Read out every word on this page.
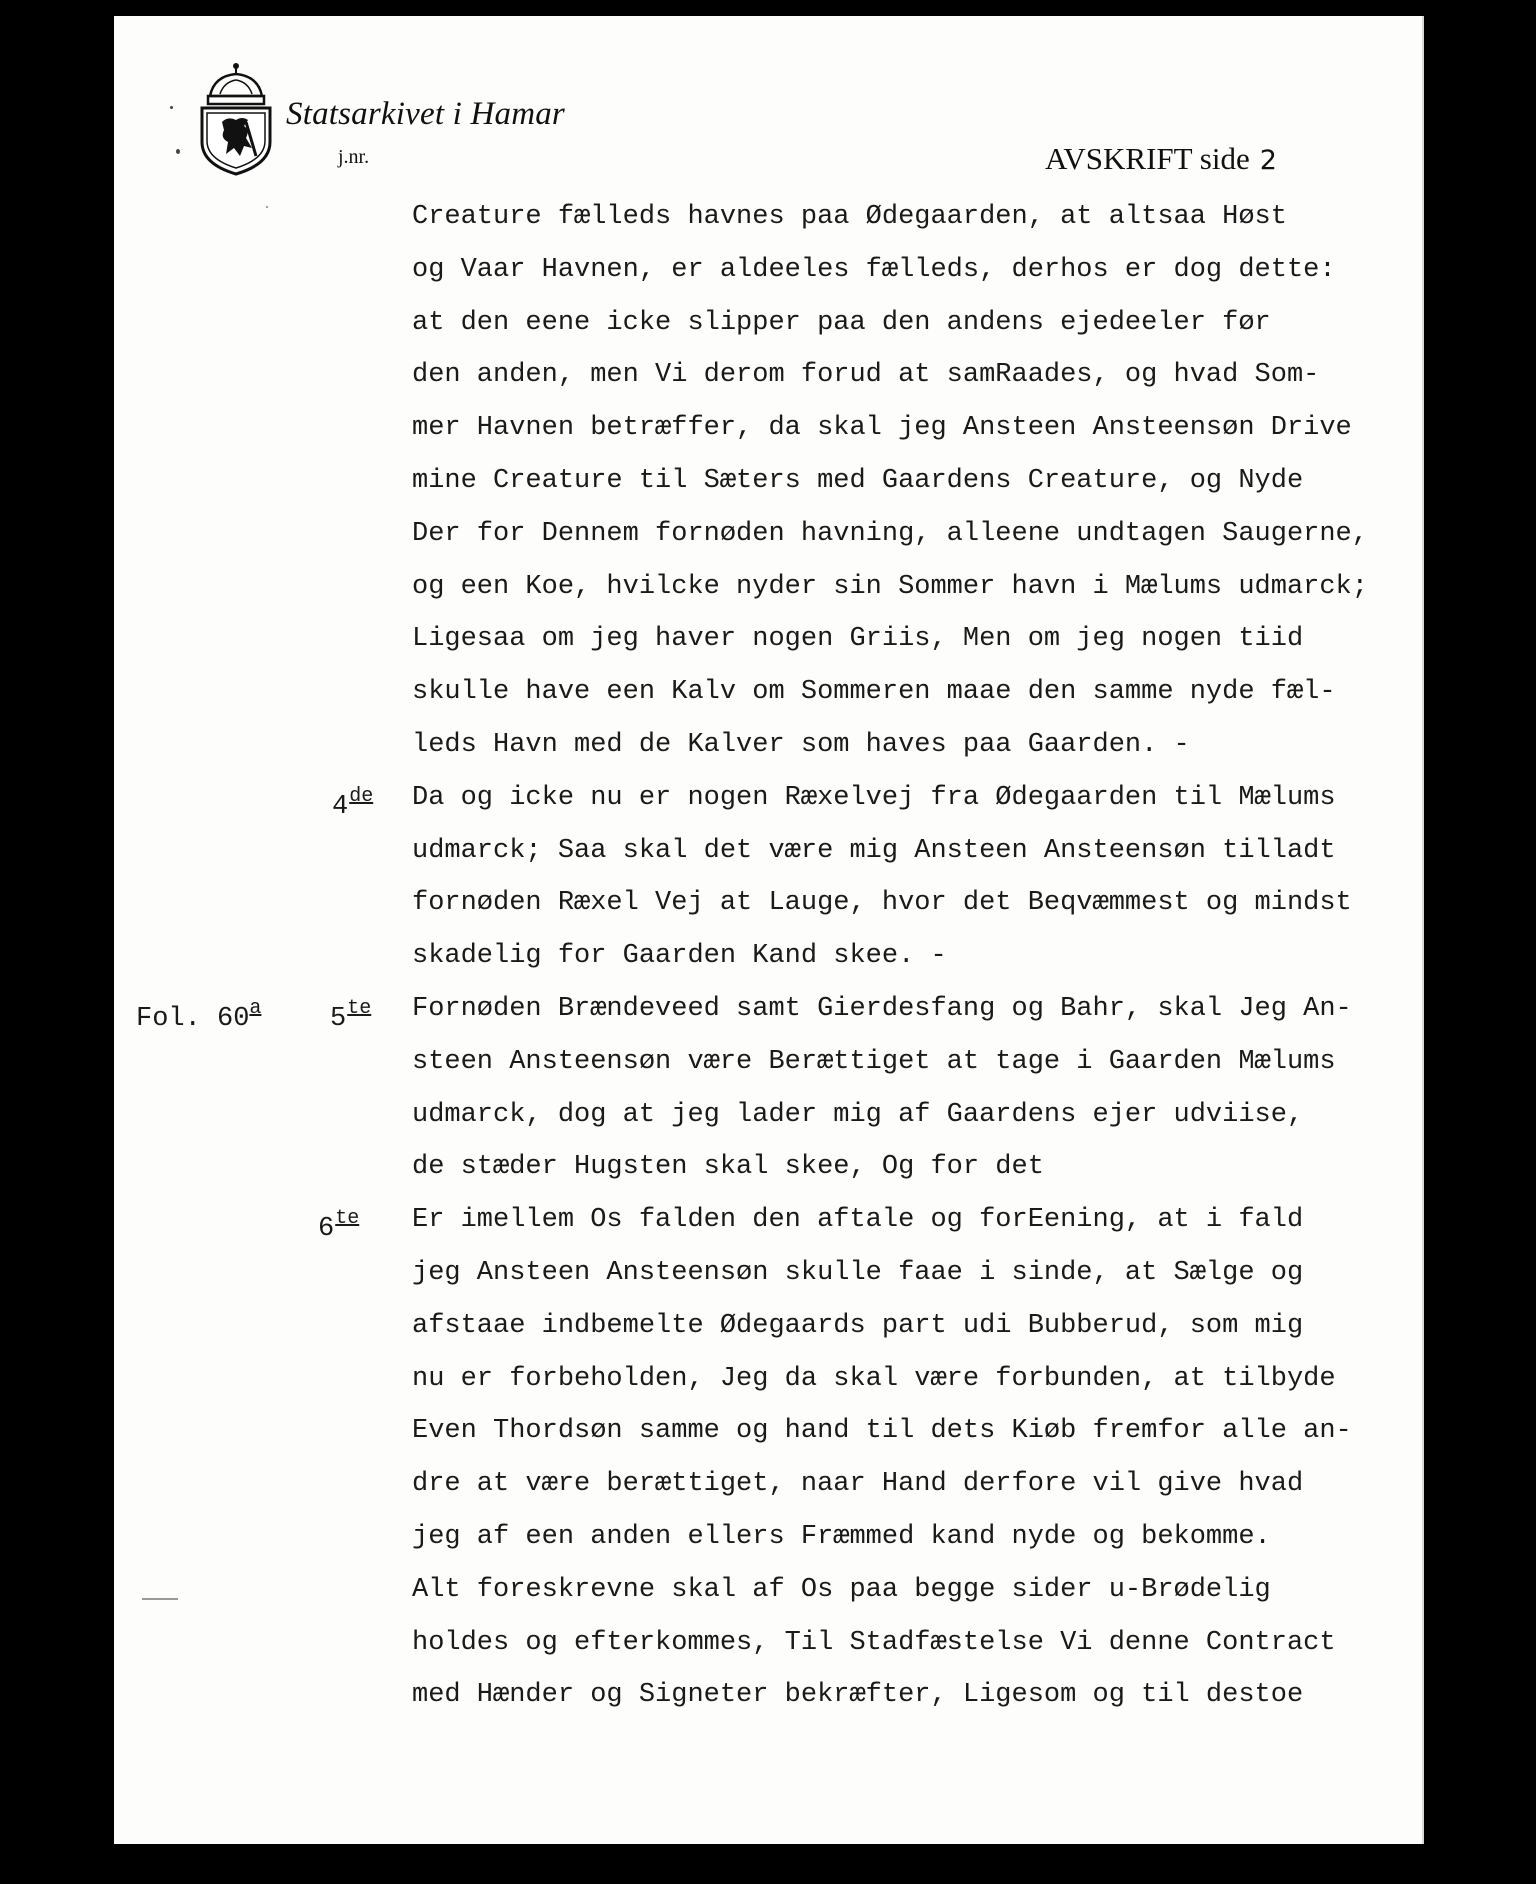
Statsarkivet i Hamar
j.nr.	AVSKRIFT side 2
Fol. 60$^a$
4de
$5^{te}$
$6^{te}$
Creature fælleds havnes paa Ødegaarden, at altsaa Høst
og Vaar Havnen, er aldeeles fælleds, derhos er dog dette:
at den eene icke slipper paa den andens ejedeeler før
den anden, men Vi derom forud at samRaades, og hvad Som-
mer Havnen betræffer, da skal jeg Ansteen Ansteensøn Drive
mine Creature til Sæters med Gaardens Creature, og Nyde
Der for Dennem fornøden havning, alleene undtagen Saugerne,
og een Koe, hvilcke nyder sin Sommer havn i Mælums udmarck;
Ligesaa om jeg haver nogen Griis, Men om jeg nogen tiid
skulle have een Kalv om Sommeren maae den samme nyde fæl-
leds Havn med de Kalver som haves paa Gaarden. -
Da og icke nu er nogen Ræxelvej fra Ødegaarden til Mælums
udmarck; Saa skal det være mig Ansteen Ansteensøn tilladt
fornøden Ræxel Vej at Lauge, hvor det Beqvæmmest og mindst
skadelig for Gaarden Kand skee. -
Fornøden Brændeveed samt Gierdesfang og Bahr, skal Jeg An-
steen Ansteensøn være Berættiget at tage i Gaarden Mælums
udmarck, dog at jeg lader mig af Gaardens ejer udviise,
de stæder Hugsten skal skee, Og for det
Er imellem Os falden den aftale og forEening, at i fald
jeg Ansteen Ansteensøn skulle faae i sinde, at Sælge og
afstaae indbemelte Ødegaards part udi Bubberud, som mig
nu er forbeholden, Jeg da skal være forbunden, at tilbyde
Even Thordsøn samme og hand til dets Kiøb fremfor alle an-
dre at være berættiget, naar Hand derfore vil give hvad
jeg af een anden ellers Fræmmed kand nyde og bekomme.
Alt foreskrevne skal af Os paa begge sider u-Brødelig
holdes og efterkommes, Til Stadfæstelse Vi denne Contract
med Hænder og Signeter bekræfter, Ligesom og til destoe
